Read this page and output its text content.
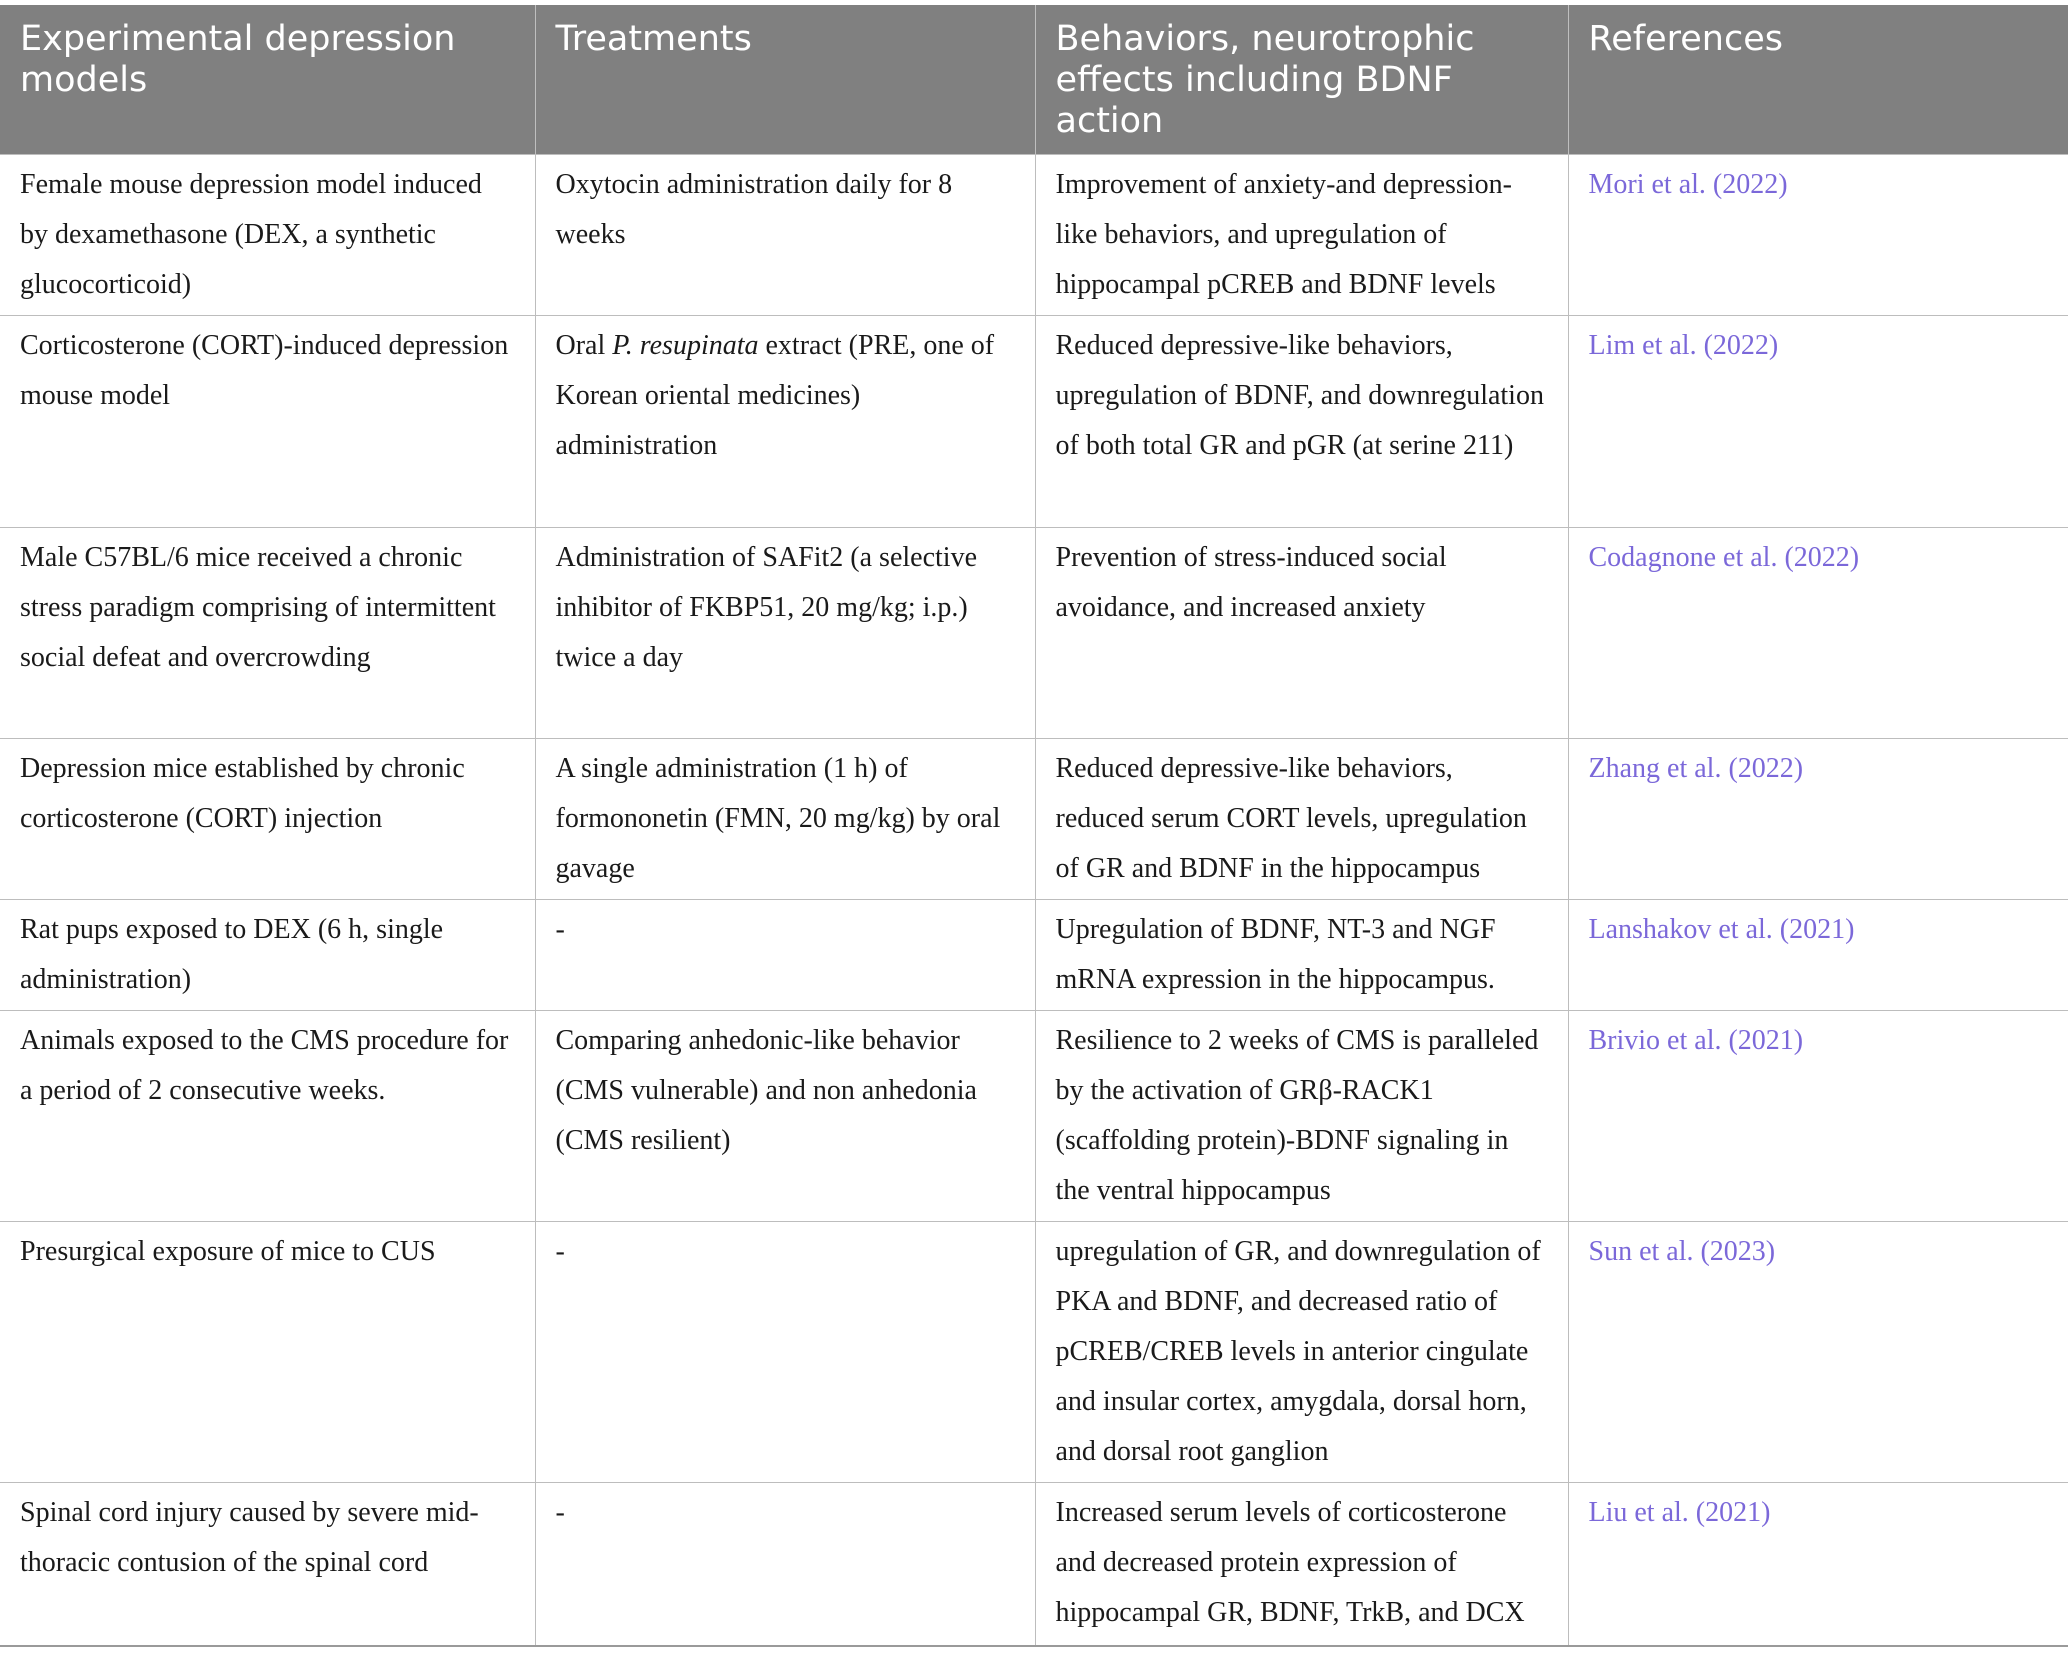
Experimental depression models	Treatments	Behaviors, neurotrophic effects including BDNF action	References
Female mouse depression model induced by dexamethasone (DEX, a synthetic glucocorticoid)	Oxytocin administration daily for 8 weeks	Improvement of anxiety-and depression-like behaviors, and upregulation of hippocampal pCREB and BDNF levels	Mori et al. (2022)
Corticosterone (CORT)-induced depression mouse model	Oral P. resupinata extract (PRE, one of Korean oriental medicines) administration	Reduced depressive-like behaviors, upregulation of BDNF, and downregulation of both total GR and pGR (at serine 211)	Lim et al. (2022)
Male C57BL/6 mice received a chronic stress paradigm comprising of intermittent social defeat and overcrowding	Administration of SAFit2 (a selective inhibitor of FKBP51, 20 mg/kg; i.p.) twice a day	Prevention of stress-induced social avoidance, and increased anxiety	Codagnone et al. (2022)
Depression mice established by chronic corticosterone (CORT) injection	A single administration (1 h) of formononetin (FMN, 20 mg/kg) by oral gavage	Reduced depressive-like behaviors, reduced serum CORT levels, upregulation of GR and BDNF in the hippocampus	Zhang et al. (2022)
Rat pups exposed to DEX (6 h, single administration)	-	Upregulation of BDNF, NT-3 and NGF mRNA expression in the hippocampus.	Lanshakov et al. (2021)
Animals exposed to the CMS procedure for a period of 2 consecutive weeks.	Comparing anhedonic-like behavior (CMS vulnerable) and non anhedonia (CMS resilient)	Resilience to 2 weeks of CMS is paralleled by the activation of GRβ-RACK1 (scaffolding protein)-BDNF signaling in the ventral hippocampus	Brivio et al. (2021)
Presurgical exposure of mice to CUS	-	upregulation of GR, and downregulation of PKA and BDNF, and decreased ratio of pCREB/CREB levels in anterior cingulate and insular cortex, amygdala, dorsal horn, and dorsal root ganglion	Sun et al. (2023)
Spinal cord injury caused by severe mid-thoracic contusion of the spinal cord	-	Increased serum levels of corticosterone and decreased protein expression of hippocampal GR, BDNF, TrkB, and DCX	Liu et al. (2021)
